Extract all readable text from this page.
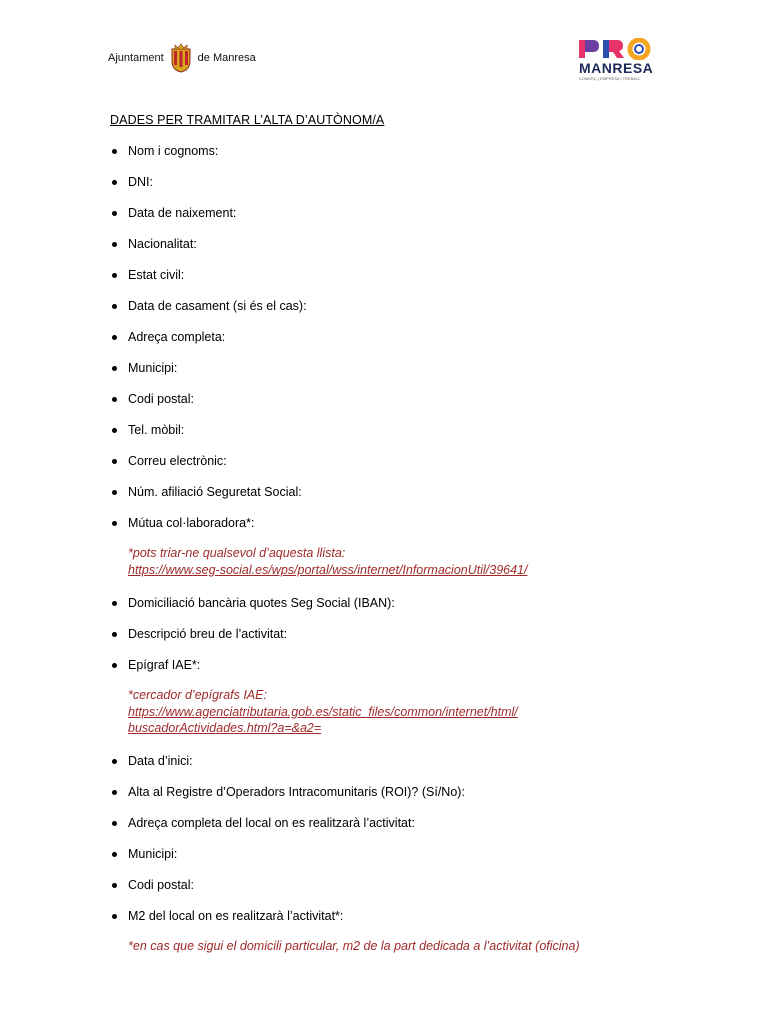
Ajuntament	de Manresa
MANRESA
COMERÇ | EMPRESA | TREBALL
DADES PER TRAMITAR L’ALTA D’AUTÒNOM/A
Nom i cognoms:
DNI:
Data de naixement:
Nacionalitat:
Estat civil:
Data de casament (si és el cas):
Adreça completa:
Municipi:
Codi postal:
Tel. mòbil:
Correu electrònic:
Núm. afiliació Seguretat Social:
Mútua col·laboradora*:
*pots triar-ne qualsevol d’aquesta llista:
https://www.seg-social.es/wps/portal/wss/internet/InformacionUtil/39641/
Domiciliació bancària quotes Seg Social (IBAN):
Descripció breu de l’activitat:
Epígraf IAE*:
*cercador d’epígrafs IAE:
https://www.agenciatributaria.gob.es/static_files/common/internet/html/
buscadorActividades.html?a=&a2=
Data d’inici:
Alta al Registre d’Operadors Intracomunitaris (ROI)? (Sí/No):
Adreça completa del local on es realitzarà l’activitat:
Municipi:
Codi postal:
M2 del local on es realitzarà l’activitat*:
*en cas que sigui el domicili particular, m2 de la part dedicada a l’activitat (oficina)
